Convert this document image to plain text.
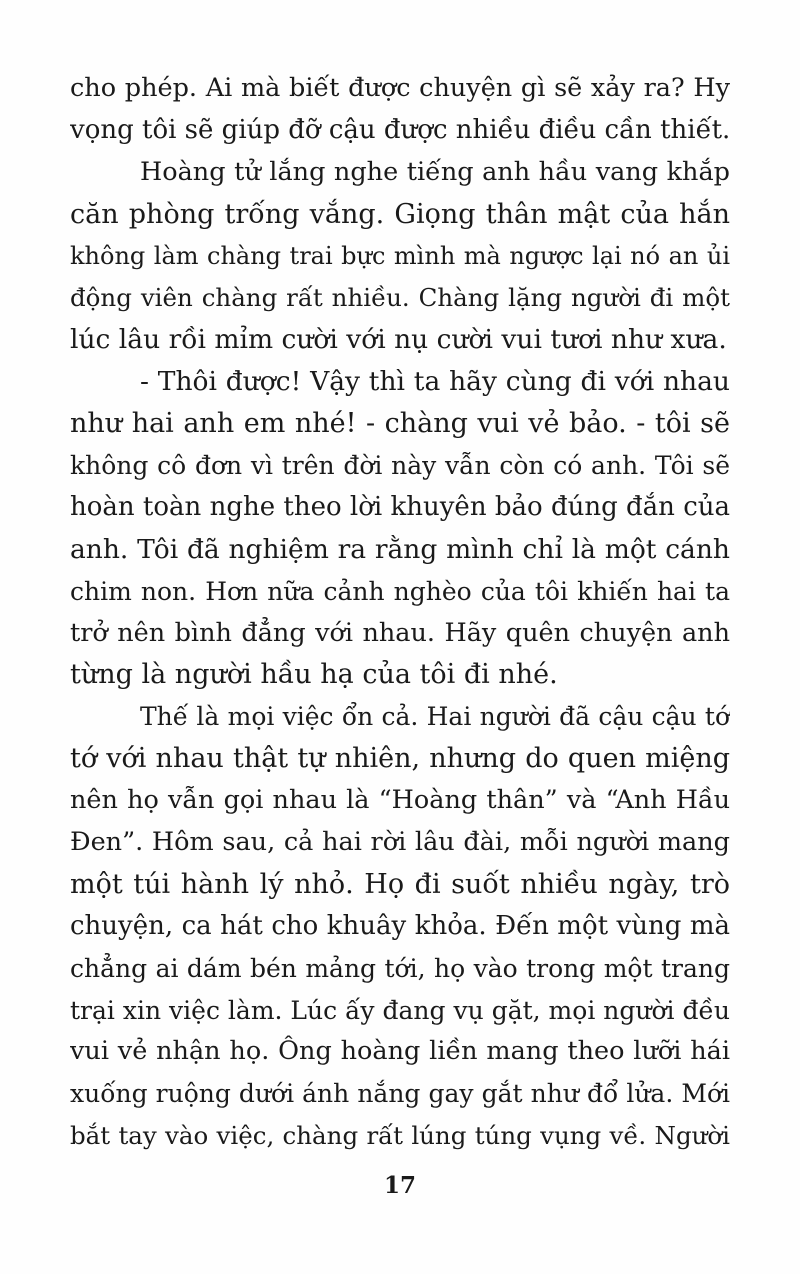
cho phép. Ai mà biết được chuyện gì sẽ xảy ra? Hy
vọng tôi sẽ giúp đỡ cậu được nhiều điều cần thiết.
Hoàng tử lắng nghe tiếng anh hầu vang khắp
căn phòng trống vắng. Giọng thân mật của hắn
không làm chàng trai bực mình mà ngược lại nó an ủi
động viên chàng rất nhiều. Chàng lặng người đi một
lúc lâu rồi mỉm cười với nụ cười vui tươi như xưa.
- Thôi được! Vậy thì ta hãy cùng đi với nhau
như hai anh em nhé! - chàng vui vẻ bảo. - tôi sẽ
không cô đơn vì trên đời này vẫn còn có anh. Tôi sẽ
hoàn toàn nghe theo lời khuyên bảo đúng đắn của
anh. Tôi đã nghiệm ra rằng mình chỉ là một cánh
chim non. Hơn nữa cảnh nghèo của tôi khiến hai ta
trở nên bình đẳng với nhau. Hãy quên chuyện anh
từng là người hầu hạ của tôi đi nhé.
Thế là mọi việc ổn cả. Hai người đã cậu cậu tớ
tớ với nhau thật tự nhiên, nhưng do quen miệng
nên họ vẫn gọi nhau là “Hoàng thân” và “Anh Hầu
Đen”. Hôm sau, cả hai rời lâu đài, mỗi người mang
một túi hành lý nhỏ. Họ đi suốt nhiều ngày, trò
chuyện, ca hát cho khuây khỏa. Đến một vùng mà
chẳng ai dám bén mảng tới, họ vào trong một trang
trại xin việc làm. Lúc ấy đang vụ gặt, mọi người đều
vui vẻ nhận họ. Ông hoàng liền mang theo lưỡi hái
xuống ruộng dưới ánh nắng gay gắt như đổ lửa. Mới
bắt tay vào việc, chàng rất lúng túng vụng về. Người
17
